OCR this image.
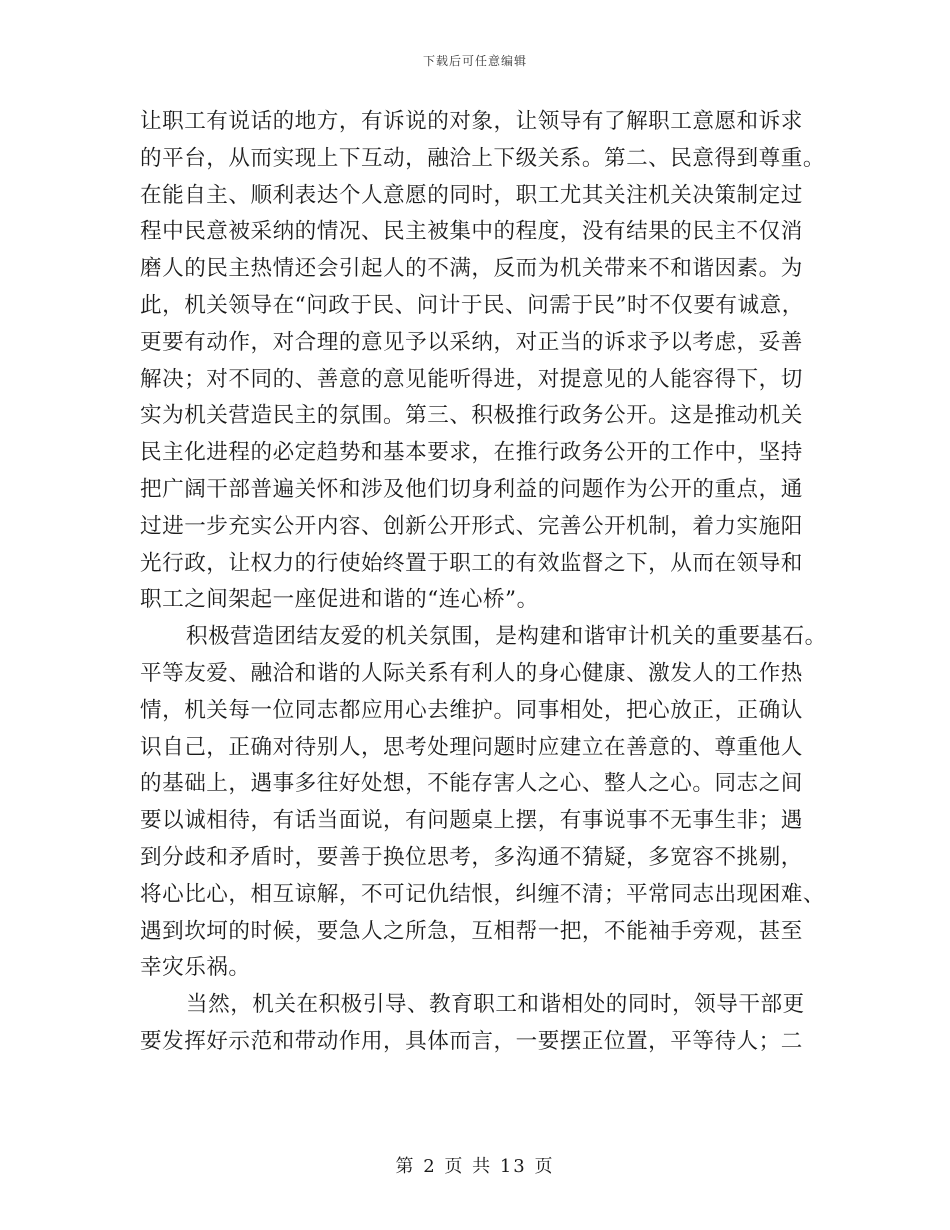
下载后可任意编辑

让职工有说话的地方，有诉说的对象，让领导有了解职工意愿和诉求
的平台，从而实现上下互动，融洽上下级关系。第二、民意得到尊重。
在能自主、顺利表达个人意愿的同时，职工尤其关注机关决策制定过
程中民意被采纳的情况、民主被集中的程度，没有结果的民主不仅消
磨人的民主热情还会引起人的不满，反而为机关带来不和谐因素。为
此，机关领导在“问政于民、问计于民、问需于民”时不仅要有诚意，
更要有动作，对合理的意见予以采纳，对正当的诉求予以考虑，妥善
解决；对不同的、善意的意见能听得进，对提意见的人能容得下，切
实为机关营造民主的氛围。第三、积极推行政务公开。这是推动机关
民主化进程的必定趋势和基本要求，在推行政务公开的工作中，坚持
把广阔干部普遍关怀和涉及他们切身利益的问题作为公开的重点，通
过进一步充实公开内容、创新公开形式、完善公开机制，着力实施阳
光行政，让权力的行使始终置于职工的有效监督之下，从而在领导和
职工之间架起一座促进和谐的“连心桥”。

积极营造团结友爱的机关氛围，是构建和谐审计机关的重要基石。
平等友爱、融洽和谐的人际关系有利人的身心健康、激发人的工作热
情，机关每一位同志都应用心去维护。同事相处，把心放正，正确认
识自己，正确对待别人，思考处理问题时应建立在善意的、尊重他人
的基础上，遇事多往好处想，不能存害人之心、整人之心。同志之间
要以诚相待，有话当面说，有问题桌上摆，有事说事不无事生非；遇
到分歧和矛盾时，要善于换位思考，多沟通不猜疑，多宽容不挑剔，
将心比心，相互谅解，不可记仇结恨，纠缠不清；平常同志出现困难、
遇到坎坷的时候，要急人之所急，互相帮一把，不能袖手旁观，甚至
幸灾乐祸。

当然，机关在积极引导、教育职工和谐相处的同时，领导干部更
要发挥好示范和带动作用，具体而言，一要摆正位置，平等待人；二

第 2 页 共 13 页
